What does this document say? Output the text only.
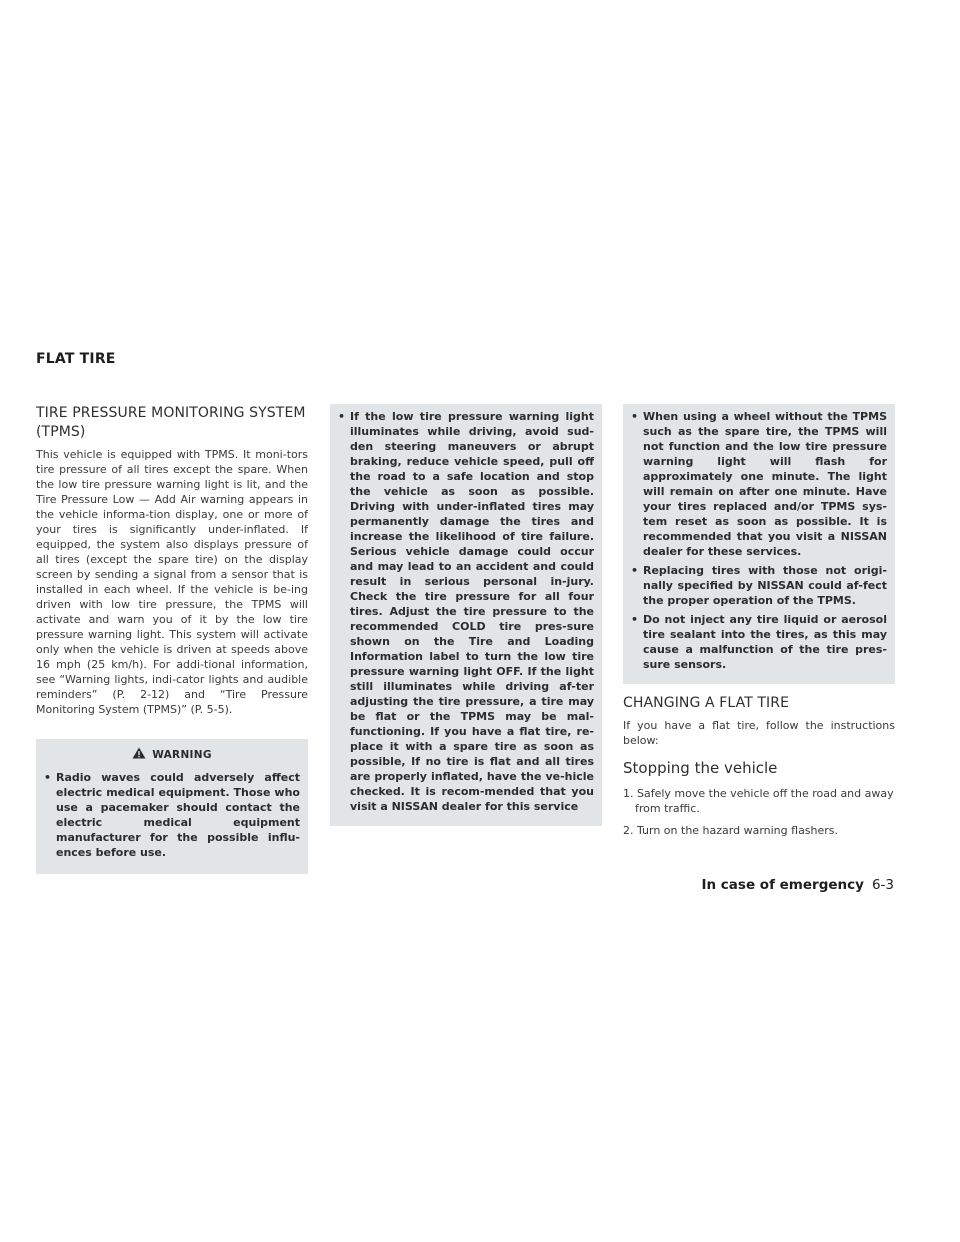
FLAT TIRE
TIRE PRESSURE MONITORING SYSTEM (TPMS)

This vehicle is equipped with TPMS. It moni-tors tire pressure of all tires except the spare. When the low tire pressure warning light is lit, and the Tire Pressure Low — Add Air warning appears in the vehicle informa-tion display, one or more of your tires is significantly under-inflated. If equipped, the system also displays pressure of all tires (except the spare tire) on the display screen by sending a signal from a sensor that is installed in each wheel. If the vehicle is be-ing driven with low tire pressure, the TPMS will activate and warn you of it by the low tire pressure warning light. This system will activate only when the vehicle is driven at speeds above 16 mph (25 km/h). For addi-tional information, see “Warning lights, indi-cator lights and audible reminders” (P. 2-12) and “Tire Pressure Monitoring System (TPMS)” (P. 5-5).

WARNING
• Radio waves could adversely affect electric medical equipment. Those who use a pacemaker should contact the electric medical equipment manufacturer for the possible influ-ences before use.
• If the low tire pressure warning light illuminates while driving, avoid sud-den steering maneuvers or abrupt braking, reduce vehicle speed, pull off the road to a safe location and stop the vehicle as soon as possible. Driving with under-inflated tires may permanently damage the tires and increase the likelihood of tire failure. Serious vehicle damage could occur and may lead to an accident and could result in serious personal in-jury. Check the tire pressure for all four tires. Adjust the tire pressure to the recommended COLD tire pres-sure shown on the Tire and Loading Information label to turn the low tire pressure warning light OFF. If the light still illuminates while driving af-ter adjusting the tire pressure, a tire may be flat or the TPMS may be mal-functioning. If you have a flat tire, re-place it with a spare tire as soon as possible, If no tire is flat and all tires are properly inflated, have the ve-hicle checked. It is recom-mended that you visit a NISSAN dealer for this service
• When using a wheel without the TPMS such as the spare tire, the TPMS will not function and the low tire pressure warning light will flash for approximately one minute. The light will remain on after one minute. Have your tires replaced and/or TPMS sys-tem reset as soon as possible. It is recommended that you visit a NISSAN dealer for these services.
• Replacing tires with those not origi-nally specified by NISSAN could af-fect the proper operation of the TPMS.
• Do not inject any tire liquid or aerosol tire sealant into the tires, as this may cause a malfunction of the tire pres-sure sensors.
CHANGING A FLAT TIRE

If you have a flat tire, follow the instructions below:

Stopping the vehicle

1. Safely move the vehicle off the road and away from traffic.

2. Turn on the hazard warning flashers.

In case of emergency 6-3
